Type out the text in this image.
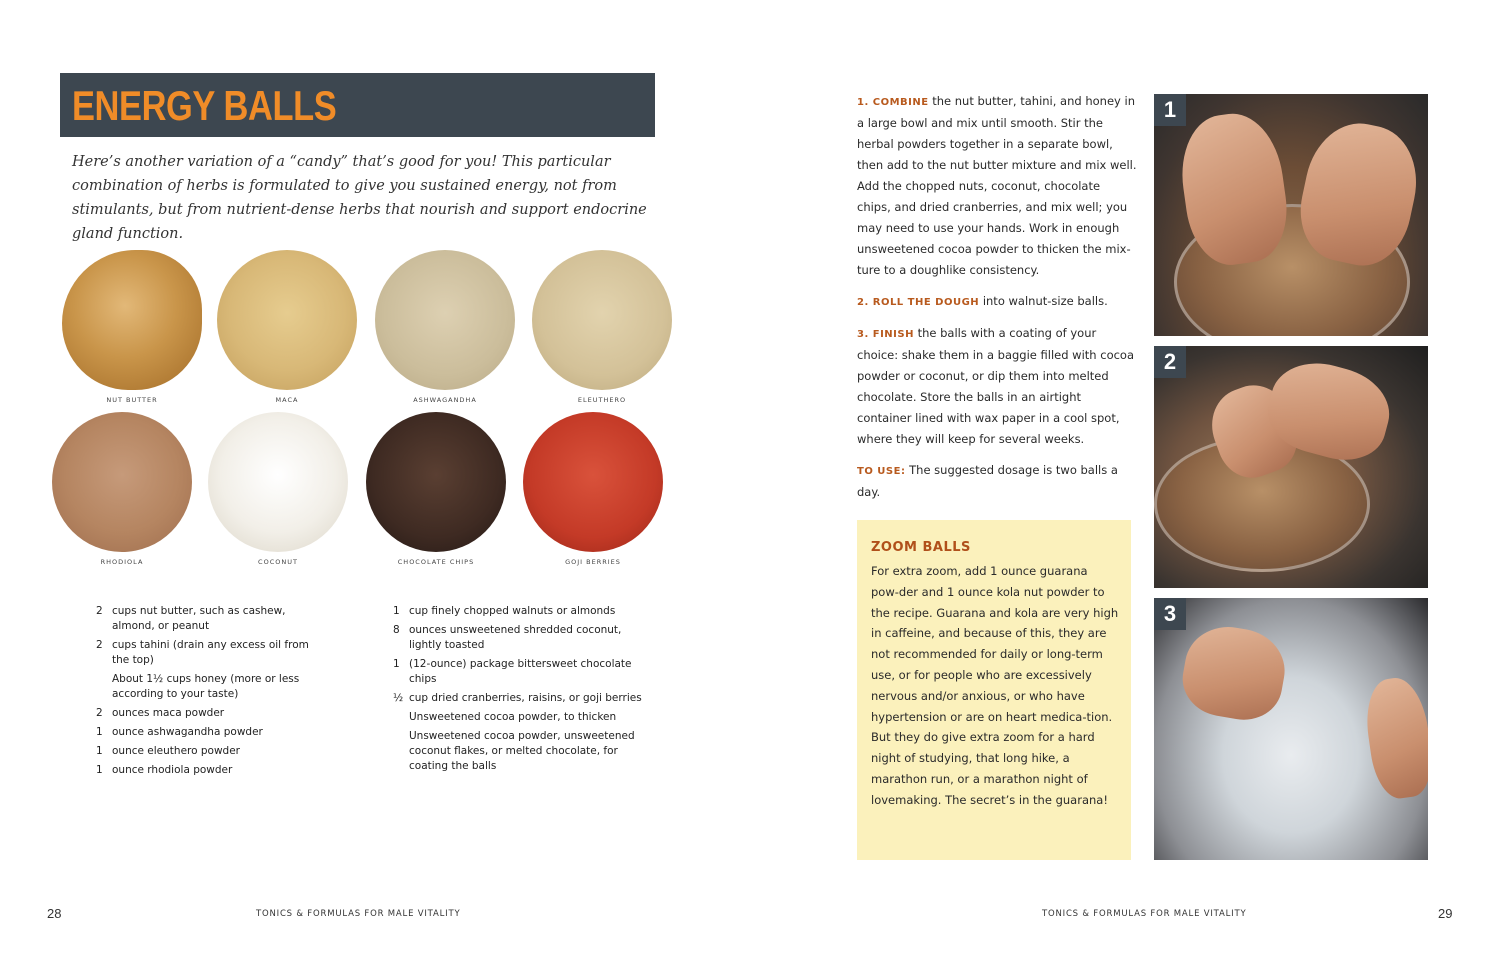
ENERGY BALLS
Here’s another variation of a “candy” that’s good for you! This particular combination of herbs is formulated to give you sustained energy, not from stimulants, but from nutrient-dense herbs that nourish and support endocrine gland function.
NUT BUTTER	MACA	ASHWAGANDHA	ELEUTHERO
RHODIOLA	COCONUT	CHOCOLATE CHIPS	GOJI BERRIES
2 cups nut butter, such as cashew, almond, or peanut
2 cups tahini (drain any excess oil from the top)
About 1½ cups honey (more or less according to your taste)
2 ounces maca powder
1 ounce ashwagandha powder
1 ounce eleuthero powder
1 ounce rhodiola powder
1 cup finely chopped walnuts or almonds
8 ounces unsweetened shredded coconut, lightly toasted
1 (12-ounce) package bittersweet chocolate chips
½ cup dried cranberries, raisins, or goji berries
Unsweetened cocoa powder, to thicken
Unsweetened cocoa powder, unsweetened coconut flakes, or melted chocolate, for coating the balls
28	TONICS & FORMULAS FOR MALE VITALITY

1. COMBINE the nut butter, tahini, and honey in a large bowl and mix until smooth. Stir the herbal powders together in a separate bowl, then add to the nut butter mixture and mix well. Add the chopped nuts, coconut, chocolate chips, and dried cranberries, and mix well; you may need to use your hands. Work in enough unsweetened cocoa powder to thicken the mix-ture to a doughlike consistency.

2. ROLL THE DOUGH into walnut-size balls.

3. FINISH the balls with a coating of your choice: shake them in a baggie filled with cocoa powder or coconut, or dip them into melted chocolate. Store the balls in an airtight container lined with wax paper in a cool spot, where they will keep for several weeks.

TO USE: The suggested dosage is two balls a day.

ZOOM BALLS

For extra zoom, add 1 ounce guarana pow-der and 1 ounce kola nut powder to the recipe. Guarana and kola are very high in caffeine, and because of this, they are not recommended for daily or long-term use, or for people who are excessively nervous and/or anxious, or who have hypertension or are on heart medica-tion. But they do give extra zoom for a hard night of studying, that long hike, a marathon run, or a marathon night of lovemaking. The secret’s in the guarana!

1
2
3
TONICS & FORMULAS FOR MALE VITALITY	29
